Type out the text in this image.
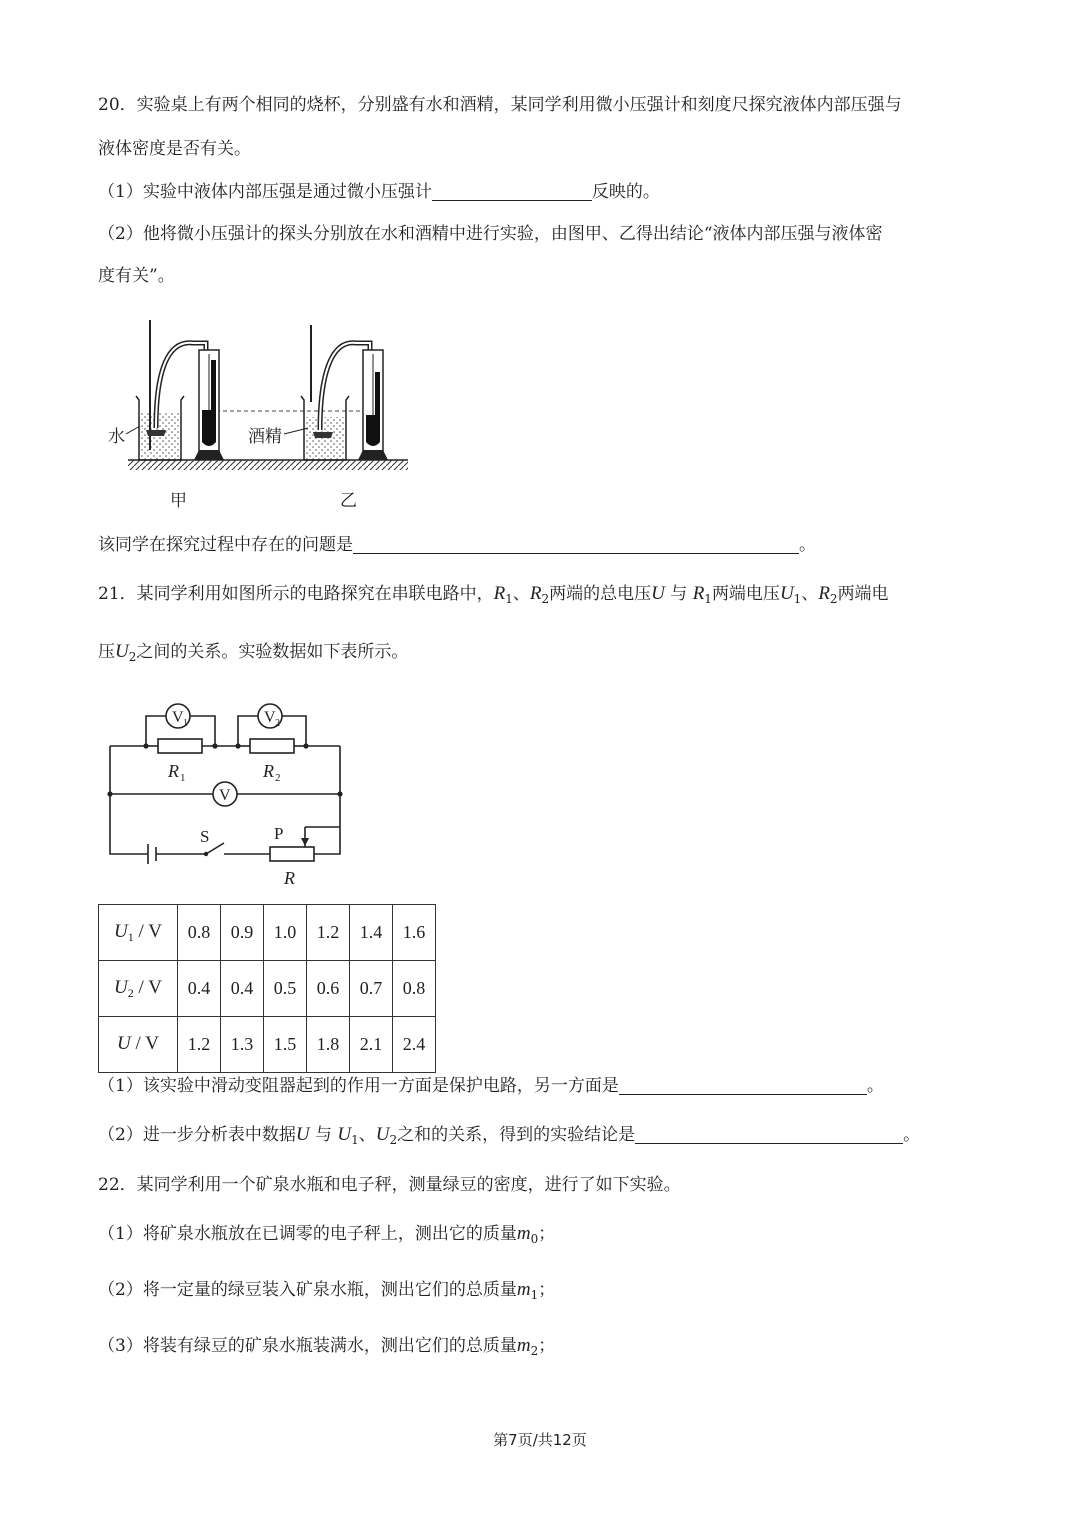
20．实验桌上有两个相同的烧杯，分别盛有水和酒精，某同学利用微小压强计和刻度尺探究液体内部压强与
液体密度是否有关。
（1）实验中液体内部压强是通过微小压强计	反映的。
（2）他将微小压强计的探头分别放在水和酒精中进行实验，由图甲、乙得出结论“液体内部压强与液体密
度有关”。
水	酒精
甲	乙
该同学在探究过程中存在的问题是	。
21．某同学利用如图所示的电路探究在串联电路中，$R_1$、$R_2$两端的总电压U 与 $R_1$两端电压$U_1$、$R_2$两端电
压$U_2$之间的关系。实验数据如下表所示。
V 1	V 2
V
R 1	R 2
S	P
R
$U_1$ / V	0.8	0.9	1.0	1.2	1.4	1.6
$U_2$ / V	0.4	0.4	0.5	0.6	0.7	0.8
U / V	1.2	1.3	1.5	1.8	2.1	2.4
（1）该实验中滑动变阻器起到的作用一方面是保护电路，另一方面是	。
（2）进一步分析表中数据U 与 $U_1$、$U_2$之和的关系，得到的实验结论是	。
22．某同学利用一个矿泉水瓶和电子秤，测量绿豆的密度，进行了如下实验。
（1）将矿泉水瓶放在已调零的电子秤上，测出它的质量$m_0$；
（2）将一定量的绿豆装入矿泉水瓶，测出它们的总质量$m_1$；
（3）将装有绿豆的矿泉水瓶装满水，测出它们的总质量$m_2$；
第7页/共12页
